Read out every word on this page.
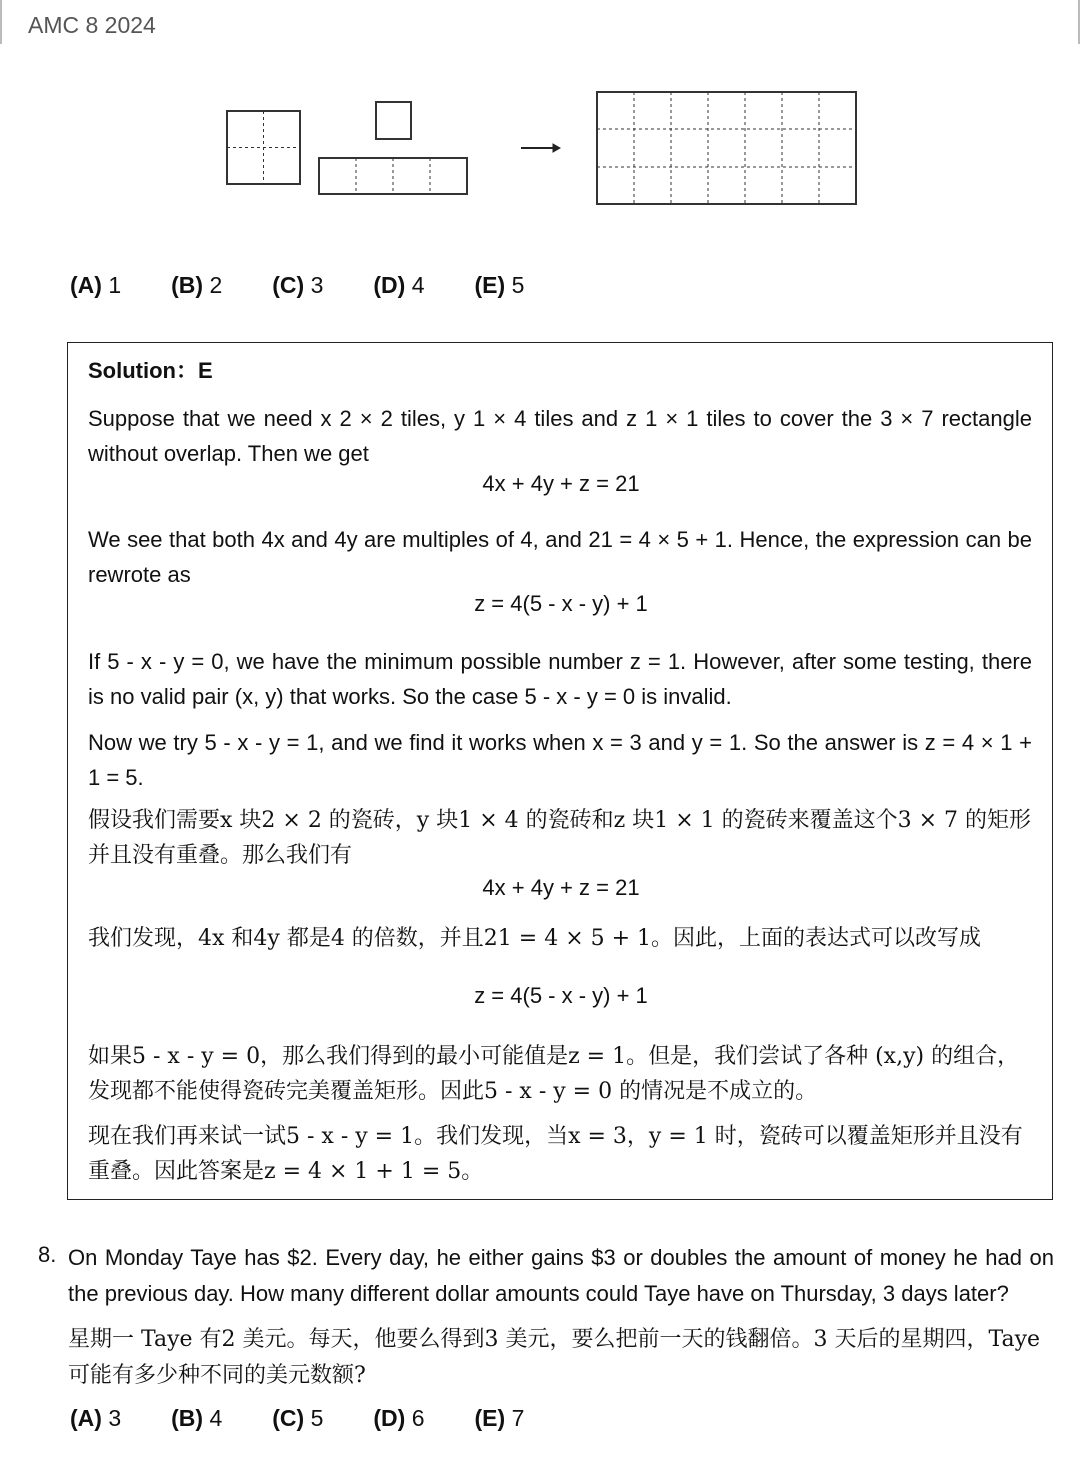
AMC 8 2024
(A) 1 (B) 2 (C) 3 (D) 4 (E) 5
Solution：E
Suppose that we need x 2 × 2 tiles, y 1 × 4 tiles and z 1 × 1 tiles to cover the 3 × 7 rectangle without overlap. Then we get
4x + 4y + z = 21
We see that both 4x and 4y are multiples of 4, and 21 = 4 × 5 + 1. Hence, the expression can be rewrote as
z = 4(5 - x - y) + 1
If 5 - x - y = 0, we have the minimum possible number z = 1. However, after some testing, there is no valid pair (x, y) that works. So the case 5 - x - y = 0 is invalid.
Now we try 5 - x - y = 1, and we find it works when x = 3 and y = 1. So the answer is z = 4 × 1 + 1 = 5.
假设我们需要x 块2 × 2 的瓷砖，y 块1 × 4 的瓷砖和z 块1 × 1 的瓷砖来覆盖这个3 × 7 的矩形并且没有重叠。那么我们有
4x + 4y + z = 21
我们发现，4x 和4y 都是4 的倍数，并且21 = 4 × 5 + 1。因此，上面的表达式可以改写成
z = 4(5 - x - y) + 1
如果5 - x - y = 0，那么我们得到的最小可能值是z = 1。但是，我们尝试了各种 (x,y) 的组合，发现都不能使得瓷砖完美覆盖矩形。因此5 - x - y = 0 的情况是不成立的。
现在我们再来试一试5 - x - y = 1。我们发现，当x = 3，y = 1 时，瓷砖可以覆盖矩形并且没有重叠。因此答案是z = 4 × 1 + 1 = 5。
8. On Monday Taye has $2. Every day, he either gains $3 or doubles the amount of money he had on the previous day. How many different dollar amounts could Taye have on Thursday, 3 days later?
星期一 Taye 有2 美元。每天，他要么得到3 美元，要么把前一天的钱翻倍。3 天后的星期四，Taye 可能有多少种不同的美元数额?
(A) 3 (B) 4 (C) 5 (D) 6 (E) 7
